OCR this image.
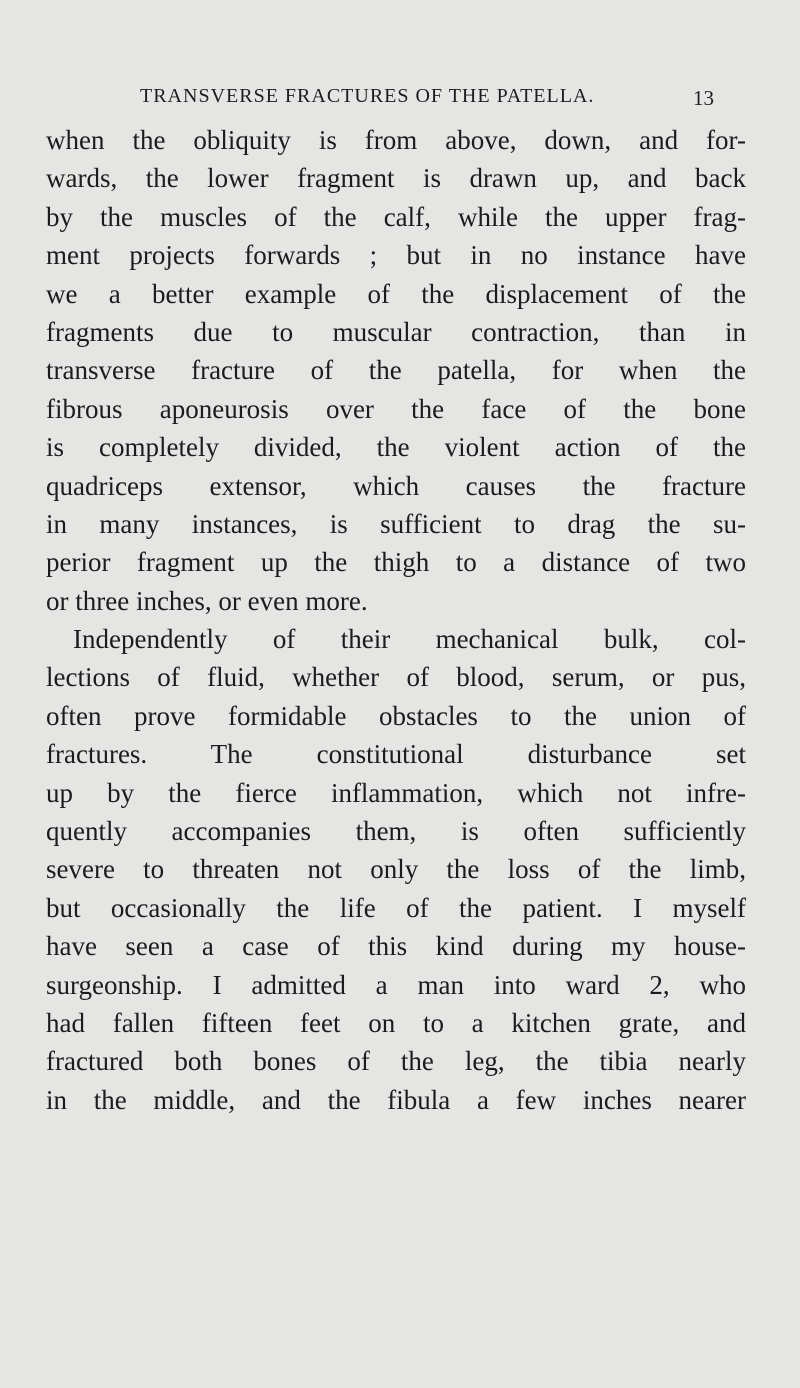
TRANSVERSE FRACTURES OF THE PATELLA.	13
when the obliquity is from above, down, and for-
wards, the lower fragment is drawn up, and back
by the muscles of the calf, while the upper frag-
ment projects forwards ; but in no instance have
we a better example of the displacement of the
fragments due to muscular contraction, than in
transverse fracture of the patella, for when the
fibrous aponeurosis over the face of the bone
is completely divided, the violent action of the
quadriceps extensor, which causes the fracture
in many instances, is sufficient to drag the su-
perior fragment up the thigh to a distance of two
or three inches, or even more.
Independently of their mechanical bulk, col-
lections of fluid, whether of blood, serum, or pus,
often prove formidable obstacles to the union of
fractures. The constitutional disturbance set
up by the fierce inflammation, which not infre-
quently accompanies them, is often sufficiently
severe to threaten not only the loss of the limb,
but occasionally the life of the patient. I myself
have seen a case of this kind during my house-
surgeonship. I admitted a man into ward 2, who
had fallen fifteen feet on to a kitchen grate, and
fractured both bones of the leg, the tibia nearly
in the middle, and the fibula a few inches nearer
